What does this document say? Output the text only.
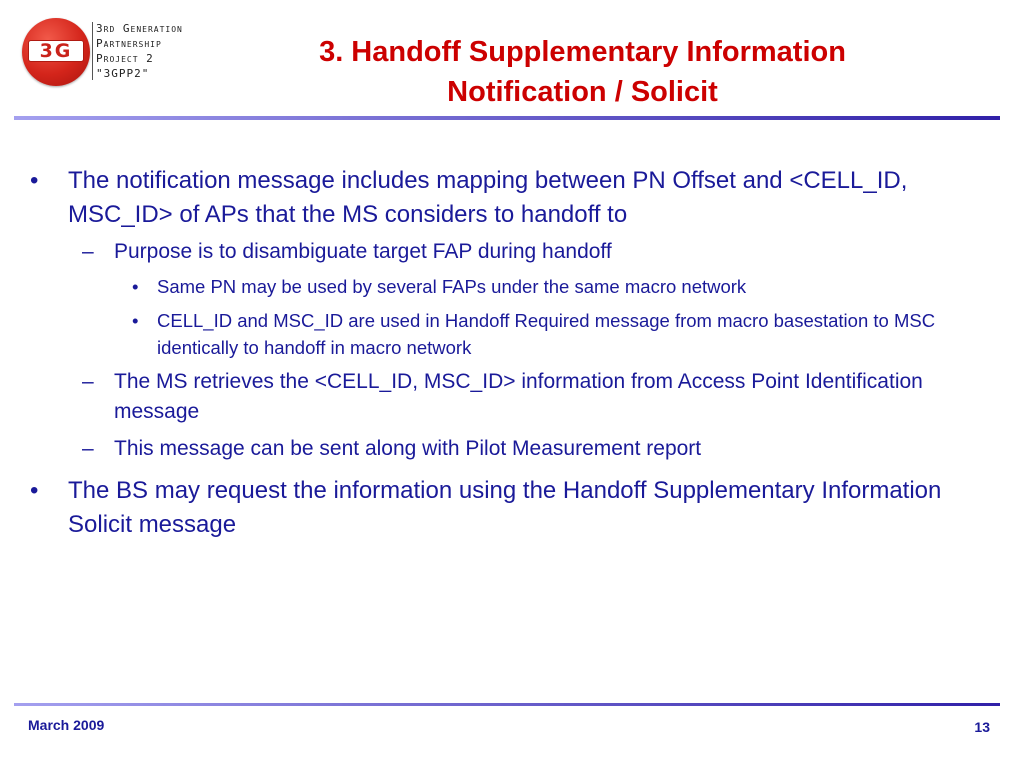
3G
3rd Generation
Partnership
Project 2
"3GPP2"
3. Handoff Supplementary Information
Notification / Solicit
• The notification message includes mapping between PN Offset and <CELL_ID, MSC_ID> of APs that the MS considers to handoff to
– Purpose is to disambiguate target FAP during handoff
• Same PN may be used by several FAPs under the same macro network
• CELL_ID and MSC_ID are used in Handoff Required message from macro basestation to MSC identically to handoff in macro network
– The MS retrieves the <CELL_ID, MSC_ID> information from Access Point Identification message
– This message can be sent along with Pilot Measurement report
• The BS may request the information using the Handoff Supplementary Information Solicit message
March 2009	13
